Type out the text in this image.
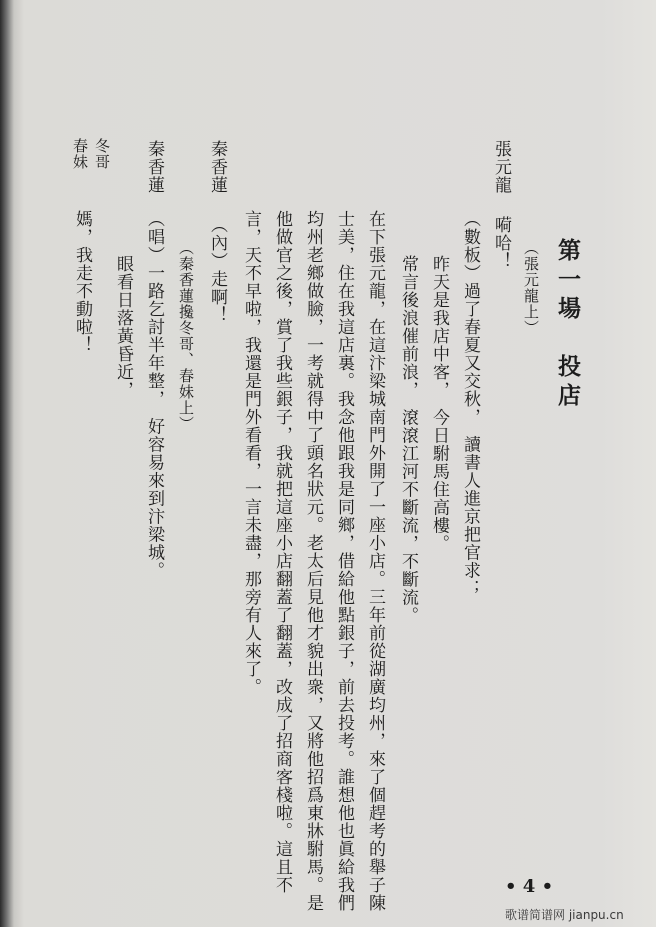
第一場　投店
（張元龍上）
張元龍
嗬哈！
（數板）過了春夏又交秋，　讀書人進京把官求；
昨天是我店中客，　今日駙馬住高樓。
常言後浪催前浪，　滾滾江河不斷流，不斷流。
在下張元龍，在這汴梁城南門外開了一座小店。三年前從湖廣均州，來了個趕考的舉子陳
士美，住在我這店裏。我念他跟我是同鄉，借給他點銀子，前去投考。誰想他也眞給我們
均州老鄉做臉，一考就得中了頭名狀元。老太后見他才貌出衆，又將他招爲東牀駙馬。是
他做官之後，賞了我些銀子，我就把這座小店翻蓋了翻蓋，改成了招商客棧啦。這且不
言，天不早啦，我還是門外看看，一言未盡，那旁有人來了。
秦香蓮
（內）走啊！
（秦香蓮攙冬哥、春妹上）
秦香蓮
（唱）一路乞討半年整，　好容易來到汴梁城。
眼看日落黃昏近，
冬哥
春妹
媽，我走不動啦！
• 4 •
歌谱简谱网 jianpu.cn
